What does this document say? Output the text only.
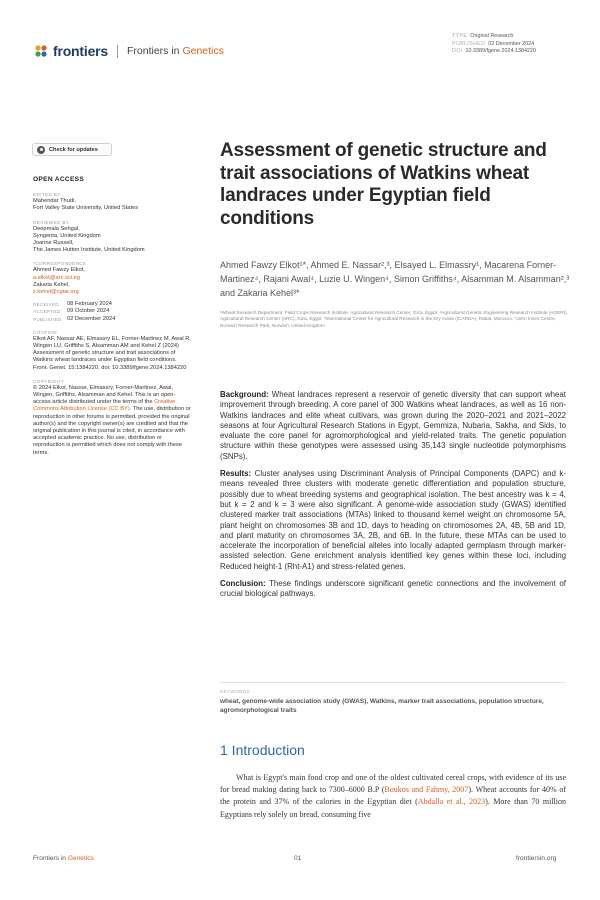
frontiers Frontiers in Genetics
TYPE Original Research
PUBLISHED 02 December 2024
DOI 10.3389/fgene.2024.1384220
Check for updates
OPEN ACCESS
EDITED BY
Mahendar Thudi,
Fort Valley State University, United States
REVIEWED BY
Deepmala Sehgal,
Syngenta, United Kingdom
Joanne Russell,
The James Hutton Institute, United Kingdom
*CORRESPONDENCE
Ahmed Fawzy Elkot,
a.elkot@arc.sci.eg
Zakaria Kehel,
z.kehel@cgiar.org
RECEIVED	08 February 2024
ACCEPTED	09 October 2024
PUBLISHED 02 December 2024
CITATION
Elkot AF, Nassar AE, Elmassry EL, Forner-Martinez M, Awal R, Wingen LU, Griffiths S, Alsamman AM and Kehel Z (2024) Assessment of genetic structure and trait associations of Watkins wheat landraces under Egyptian field conditions. Front. Genet. 15:1384220. doi: 10.3389/fgene.2024.1384220
COPYRIGHT
© 2024 Elkot, Nassar, Elmassry, Forner-Martinez, Awal, Wingen, Griffiths, Alsamman and Kehel. This is an open-access article distributed under the terms of the Creative Commons Attribution License (CC BY). The use, distribution or reproduction in other forums is permitted, provided the original author(s) and the copyright owner(s) are credited and that the original publication in this journal is cited, in accordance with accepted academic practice. No use, distribution or reproduction is permitted which does not comply with these terms.
Assessment of genetic structure and trait associations of Watkins wheat landraces under Egyptian field conditions
Ahmed Fawzy Elkot¹*, Ahmed E. Nassar²,³, Elsayed L. Elmassry¹, Macarena Forner-Martinez⁴, Rajani Awal⁴, Luzie U. Wingen⁴, Simon Griffiths⁴, Alsamman M. Alsamman²,³ and Zakaria Kehel³*
¹Wheat Research Department, Field Crops Research Institute, Agricultural Research Center, Giza, Egypt, ²Agricultural Genetic Engineering Research Institute (AGERI), Agricultural Research Center (ARC), Giza, Egypt, ³International Center for Agricultural Research in the Dry Areas (ICARDA), Rabat, Morocco, ⁴John Innes Centre, Norwich Research Park, Norwich, United Kingdom

Background: Wheat landraces represent a reservoir of genetic diversity that can support wheat improvement through breeding. A core panel of 300 Watkins wheat landraces, as well as 16 non-Watkins landraces and elite wheat cultivars, was grown during the 2020–2021 and 2021–2022 seasons at four Agricultural Research Stations in Egypt, Gemmiza, Nubaria, Sakha, and Sids, to evaluate the core panel for agromorphological and yield-related traits. The genetic population structure within these genotypes were assessed using 35,143 single nucleotide polymorphisms (SNPs).

Results: Cluster analyses using Discriminant Analysis of Principal Components (DAPC) and k-means revealed three clusters with moderate genetic differentiation and population structure, possibly due to wheat breeding systems and geographical isolation. The best ancestry was k = 4, but k = 2 and k = 3 were also significant. A genome-wide association study (GWAS) identified clustered marker trait associations (MTAs) linked to thousand kernel weight on chromosome 5A, plant height on chromosomes 3B and 1D, days to heading on chromosomes 2A, 4B, 5B and 1D, and plant maturity on chromosomes 3A, 2B, and 6B. In the future, these MTAs can be used to accelerate the incorporation of beneficial alleles into locally adapted germplasm through marker-assisted selection. Gene enrichment analysis identified key genes within these loci, including Reduced height-1 (Rht-A1) and stress-related genes.

Conclusion: These findings underscore significant genetic connections and the involvement of crucial biological pathways.

KEYWORDS
wheat, genome-wide association study (GWAS), Watkins, marker trait associations, population structure, agromorphological traits
1 Introduction
What is Egypt's main food crop and one of the oldest cultivated cereal crops, with evidence of its use for bread making dating back to 7300–6000 B.P (Boukos and Fahmy, 2007). Wheat accounts for 40% of the protein and 37% of the calories in the Egyptian diet (Abdalla et al., 2023). More than 70 million Egyptians rely solely on bread, consuming five
Frontiers in Genetics	01	frontiersin.org
